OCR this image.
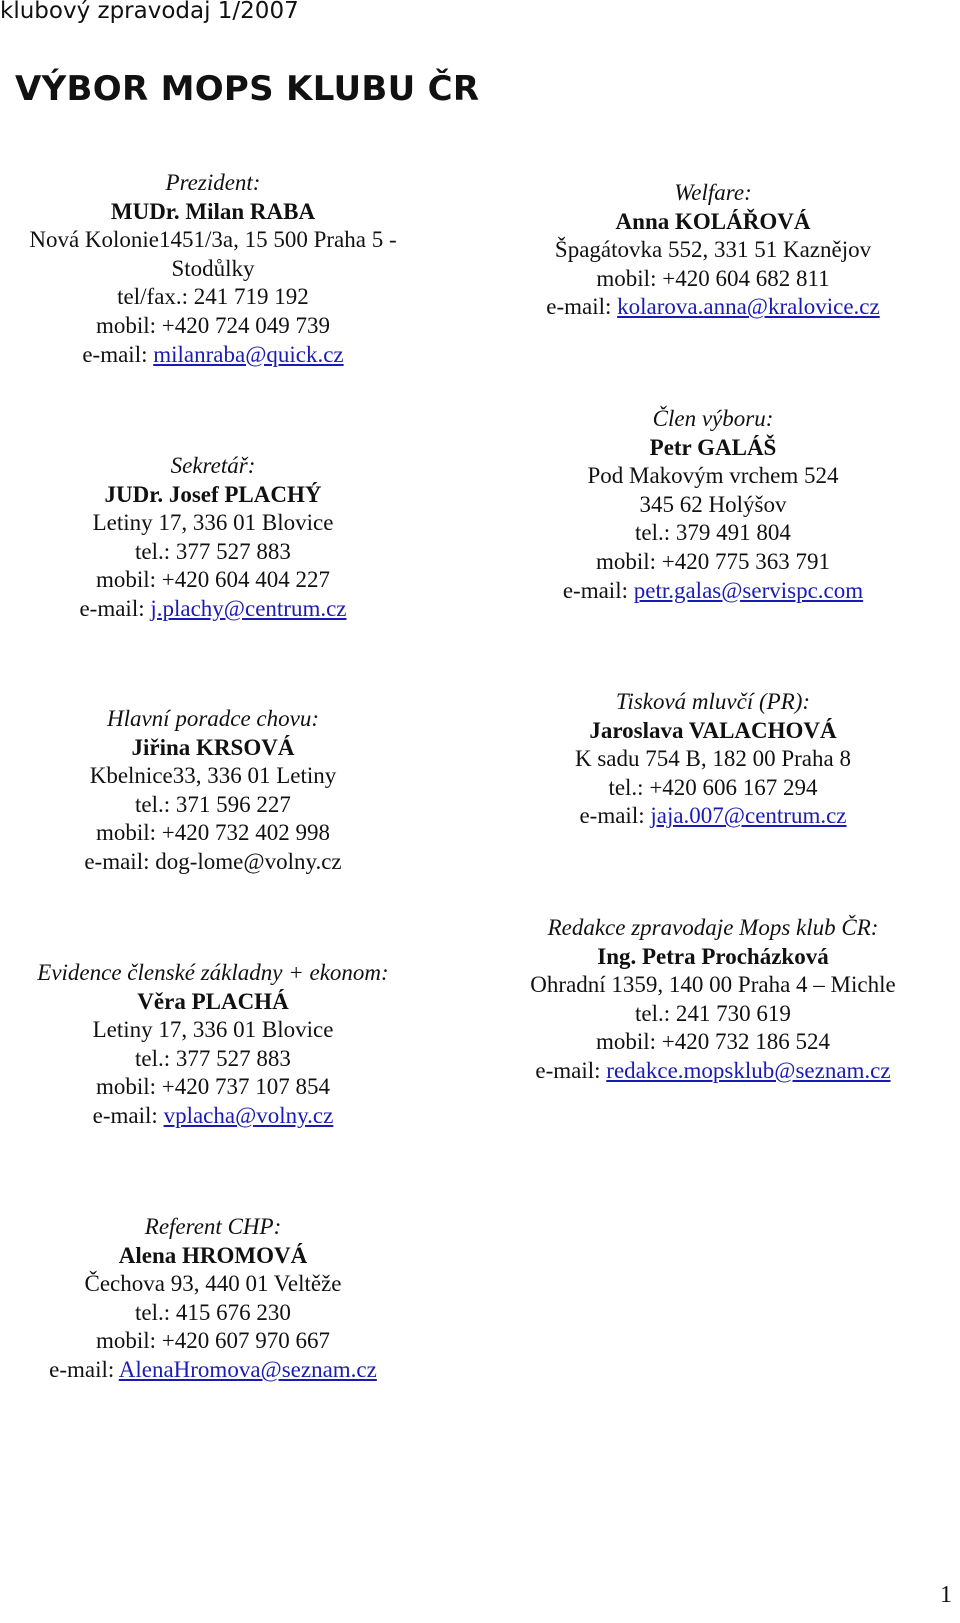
klubový zpravodaj 1/2007
VÝBOR MOPS KLUBU ČR
Prezident:
MUDr. Milan RABA
Nová Kolonie1451/3a, 15 500 Praha 5 -
Stodůlky
tel/fax.: 241 719 192
mobil: +420 724 049 739
e-mail: milanraba@quick.cz
Welfare:
Anna KOLÁŘOVÁ
Špagátovka 552, 331 51 Kaznějov
mobil: +420 604 682 811
e-mail: kolarova.anna@kralovice.cz
Sekretář:
JUDr. Josef PLACHÝ
Letiny 17, 336 01 Blovice
tel.: 377 527 883
mobil: +420 604 404 227
e-mail: j.plachy@centrum.cz
Člen výboru:
Petr GALÁŠ
Pod Makovým vrchem 524
345 62 Holýšov
tel.: 379 491 804
mobil: +420 775 363 791
e-mail: petr.galas@servispc.com
Hlavní poradce chovu:
Jiřina KRSOVÁ
Kbelnice33, 336 01 Letiny
tel.: 371 596 227
mobil: +420 732 402 998
e-mail: dog-lome@volny.cz
Tisková mluvčí (PR):
Jaroslava VALACHOVÁ
K sadu 754 B, 182 00 Praha 8
tel.: +420 606 167 294
e-mail: jaja.007@centrum.cz
Evidence členské základny + ekonom:
Věra PLACHÁ
Letiny 17, 336 01 Blovice
tel.: 377 527 883
mobil: +420 737 107 854
e-mail: vplacha@volny.cz
Redakce zpravodaje Mops klub ČR:
Ing. Petra Procházková
Ohradní 1359, 140 00 Praha 4 – Michle
tel.: 241 730 619
mobil: +420 732 186 524
e-mail: redakce.mopsklub@seznam.cz
Referent CHP:
Alena HROMOVÁ
Čechova 93, 440 01 Veltěže
tel.: 415 676 230
mobil: +420 607 970 667
e-mail: AlenaHromova@seznam.cz
1
